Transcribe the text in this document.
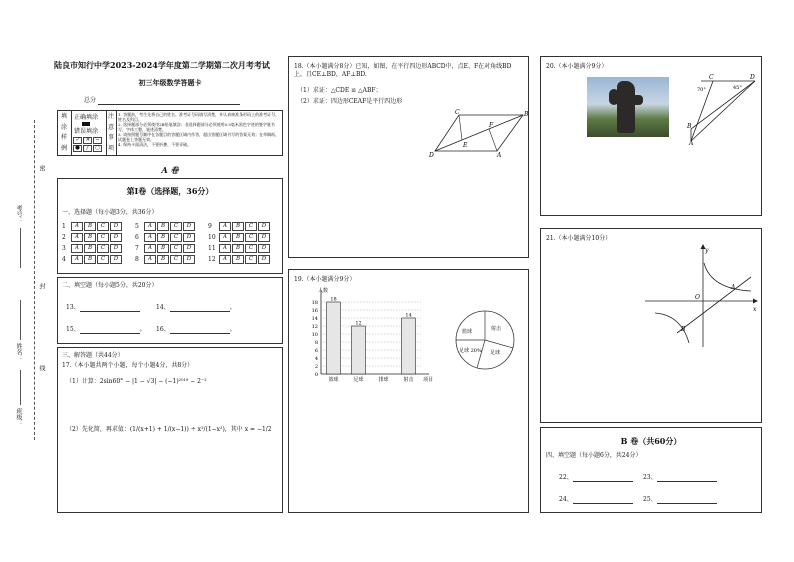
密
考号：
封
姓名：
线
班级：
陆良市知行中学2023-2024学年度第二学期第二次月考考试
初三年级数学答题卡
总分
填
涂
样
例
正确填涂
错误填涂
✓ ✕ −
● / ○
注
意
事
项
1. 答题前，考生先将自己的姓名、准考证号码填写清楚，并认真核准条形码上的准考证号、姓名及科目。
2. 选择题部分必须使用2B铅笔填涂；非选择题部分必须使用0.5毫米黑色字迹的签字笔书写，字体工整、笔迹清楚。
3. 请按照题号顺序在各题目的答题区域内作答，超出答题区域书写的答案无效；在草稿纸、试题卷上答题无效。
4. 保持卡面清洁，不要折叠、不要弄破。
A 卷
第Ⅰ卷（选择题，36分）
一、选择题（每小题3分，共36分）
1	A B C D	5	A B C D	9	A B C D
2	A B C D	6	A B C D	10	A B C D
3	A B C D	7	A B C D	11	A B C D
4	A B C D	8	A B C D	12	A B C D
二、填空题（每小题5分，共20分）
13、	14、	。
15、	。 16、	。
三、解答题（共44分）
17.（本小题共两个小题，每个小题4分，共8分）
（1）计算：2sin60° − |1 − √3| − (−1)²⁰¹⁹ − 2⁻²
（2）先化简，再求值：(1/(x+1) + 1/(x−1)) ÷ x²/(1−x²)，其中 x = −1/2
18.（本小题满分8分）已知，如图，在平行四边形ABCD中，点E、F在对角线BD上，且CE⊥BD，AF⊥BD.
（1）求证：△CDE ≌ △ABF；
（2）求证：四边形CEAF是平行四边形
C	B
F
E
D	A
19.（本小题满分9分）
人数
项目
0
2
4
6
8
10
12
14
16
18
篮球
18
足球
12
排球	射击
14
射击
篮球
足球
足球 20%
20.（本小题满分9分）
C	D
70°	45°
B
A
21.（本小题满分10分）
y
x
O
A
B
B 卷（共60分）
四、填空题（每小题6分，共24分）
22、	23、
24、	25、
